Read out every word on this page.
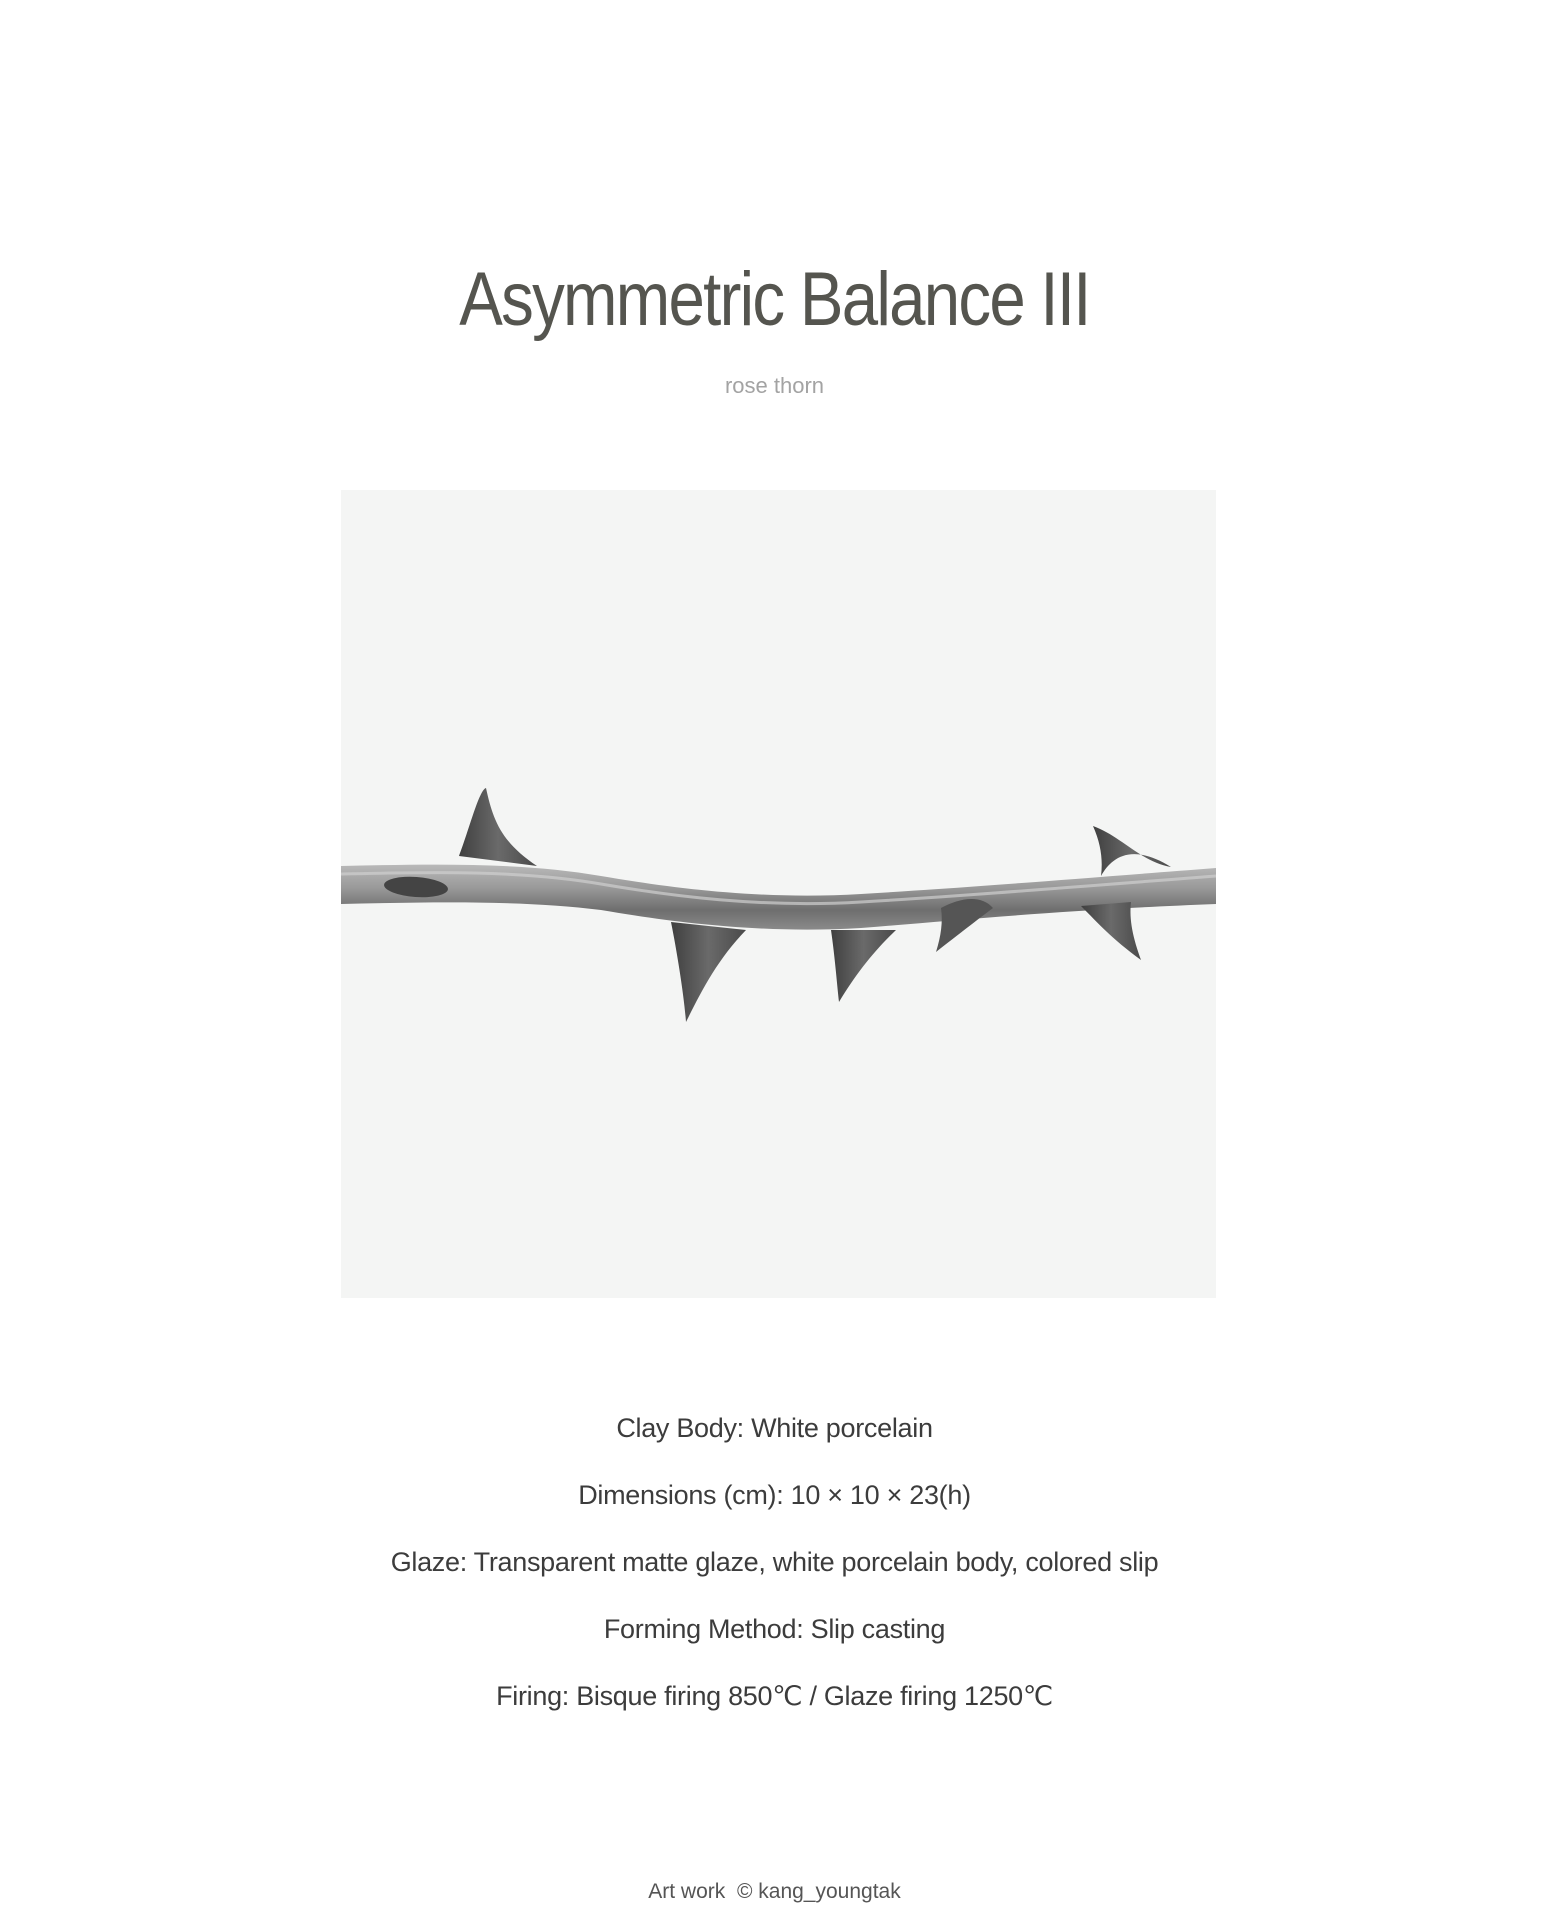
Asymmetric Balance III
rose thorn
Clay Body: White porcelain
Dimensions (cm): 10 × 10 × 23(h)
Glaze: Transparent matte glaze, white porcelain body, colored slip
Forming Method: Slip casting
Firing: Bisque firing 850℃ / Glaze firing 1250℃
Art work © kang_youngtak
